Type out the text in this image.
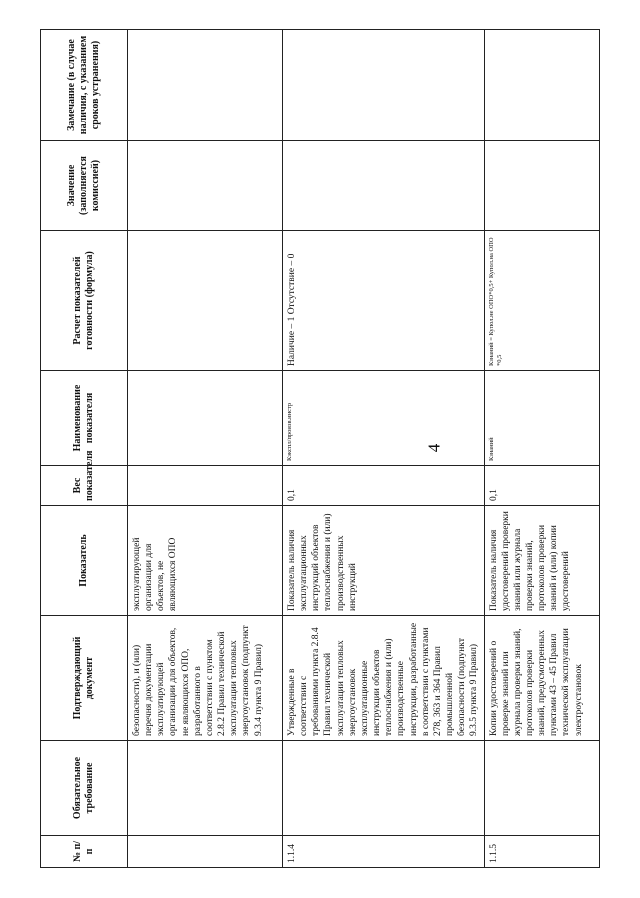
4
№ п/п	Обязательное требование	Подтверждающий документ	Показатель	Вес показателя	Наименование показателя	Расчет показателей готовности (формула)	Значение (заполняется комиссией)	Замечание (в случае наличия, с указанием сроков устранения)
		безопасности), и (или) перечня документации эксплуатирующей организации для объектов, не являющихся ОПО, разработанного в соответствии с пунктом 2.8.2 Правил технической эксплуатации тепловых энергоустановок (подпункт 9.3.4 пункта 9 Правил)	эксплуатирующей организации для объектов, не являющихся ОПО					
1.1.4		Утвержденные в соответствии с требованиями пункта 2.8.4 Правил технической эксплуатации тепловых энергоустановок эксплуатационные инструкции объектов теплоснабжения и (или) производственные инструкции, разработанные в соответствии с пунктами 278, 363 и 364 Правил промышленной безопасности (подпункт 9.3.5 пункта 9 Правил)	Показатель наличия эксплуатационных инструкций объектов теплоснабжения и (или) производственных инструкций	0,1	Кэкспл/произв.инстр	Наличие – 1 Отсутствие – 0		
1.1.5		Копии удостоверений о проверке знаний или журнала проверки знаний, протоколов проверки знаний, предусмотренных пунктами 43 – 45 Правил технической эксплуатации электроустановок	Показатель наличия удостоверений проверки знаний или журнала проверки знаний, протоколов проверки знаний и (или) копии удостоверений	0,1	Кзнаний	Кзнаний = Купол.не ОПО*0,5+ Купол.на ОПО *0,5		
